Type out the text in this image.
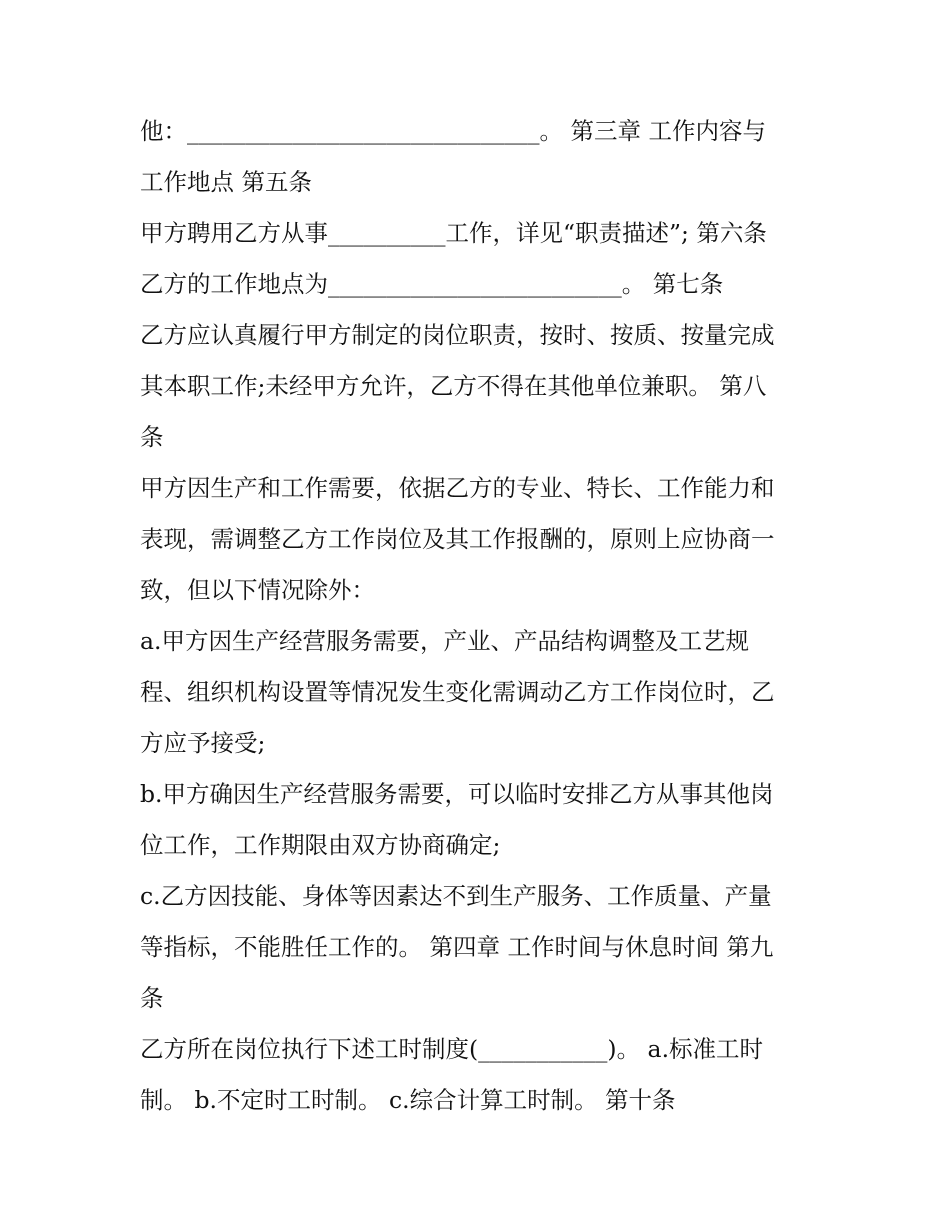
他：______________________________。 第三章 工作内容与
工作地点 第五条
甲方聘用乙方从事__________工作，详见“职责描述”; 第六条
乙方的工作地点为_________________________。 第七条
乙方应认真履行甲方制定的岗位职责，按时、按质、按量完成
其本职工作;未经甲方允许，乙方不得在其他单位兼职。 第八
条
甲方因生产和工作需要，依据乙方的专业、特长、工作能力和
表现，需调整乙方工作岗位及其工作报酬的，原则上应协商一
致，但以下情况除外：
a.甲方因生产经营服务需要，产业、产品结构调整及工艺规
程、组织机构设置等情况发生变化需调动乙方工作岗位时，乙
方应予接受;
b.甲方确因生产经营服务需要，可以临时安排乙方从事其他岗
位工作，工作期限由双方协商确定;
c.乙方因技能、身体等因素达不到生产服务、工作质量、产量
等指标，不能胜任工作的。 第四章 工作时间与休息时间 第九
条
乙方所在岗位执行下述工时制度(___________)。 a.标准工时
制。 b.不定时工时制。 c.综合计算工时制。 第十条
